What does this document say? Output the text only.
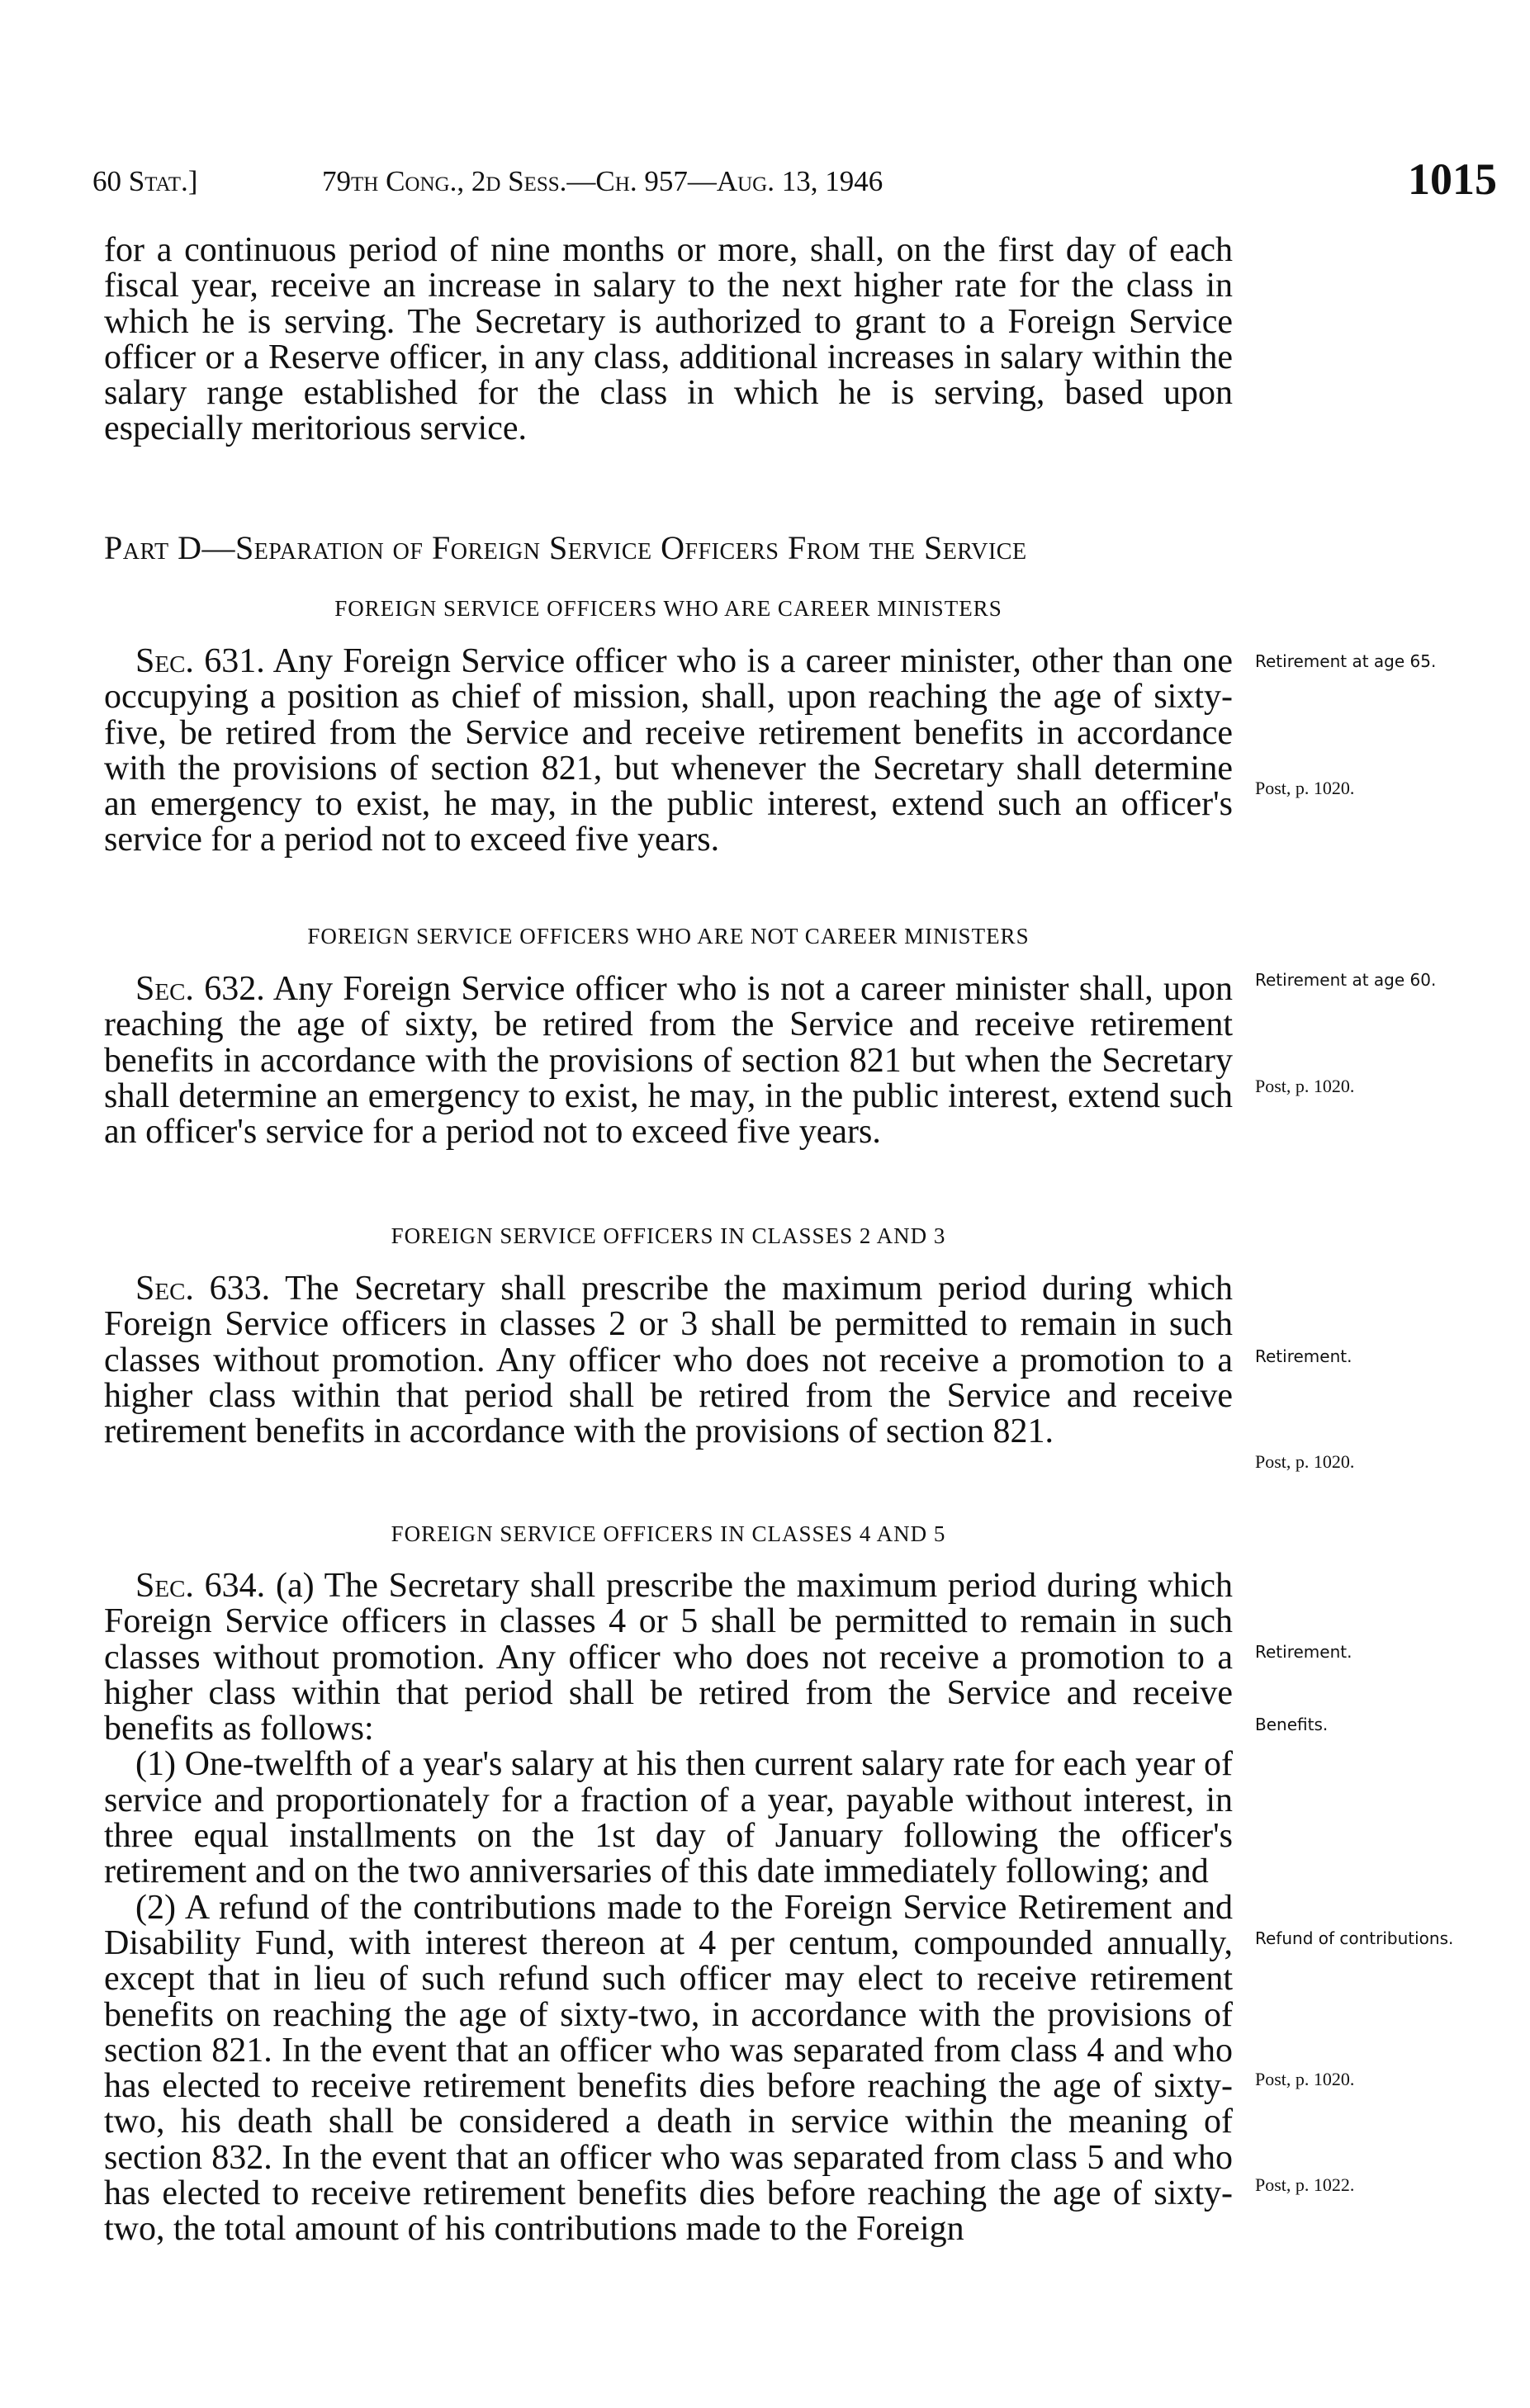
60 Stat.]	79th Cong., 2d Sess.—Ch. 957—Aug. 13, 1946	1015

for a continuous period of nine months or more, shall, on the first day of each fiscal year, receive an increase in salary to the next higher rate for the class in which he is serving. The Secretary is authorized to grant to a Foreign Service officer or a Reserve officer, in any class, additional increases in salary within the salary range established for the class in which he is serving, based upon especially meritorious service.

Part D—Separation of Foreign Service Officers From the Service
FOREIGN SERVICE OFFICERS WHO ARE CAREER MINISTERS

Sec. 631. Any Foreign Service officer who is a career minister, other than one occupying a position as chief of mission, shall, upon reaching the age of sixty-five, be retired from the Service and receive retirement benefits in accordance with the provisions of section 821, but whenever the Secretary shall determine an emergency to exist, he may, in the public interest, extend such an officer's service for a period not to exceed five years.

FOREIGN SERVICE OFFICERS WHO ARE NOT CAREER MINISTERS

Sec. 632. Any Foreign Service officer who is not a career minister shall, upon reaching the age of sixty, be retired from the Service and receive retirement benefits in accordance with the provisions of section 821 but when the Secretary shall determine an emergency to exist, he may, in the public interest, extend such an officer's service for a period not to exceed five years.

FOREIGN SERVICE OFFICERS IN CLASSES 2 AND 3

Sec. 633. The Secretary shall prescribe the maximum period during which Foreign Service officers in classes 2 or 3 shall be permitted to remain in such classes without promotion. Any officer who does not receive a promotion to a higher class within that period shall be retired from the Service and receive retirement benefits in accordance with the provisions of section 821.

FOREIGN SERVICE OFFICERS IN CLASSES 4 AND 5

Sec. 634. (a) The Secretary shall prescribe the maximum period during which Foreign Service officers in classes 4 or 5 shall be permitted to remain in such classes without promotion. Any officer who does not receive a promotion to a higher class within that period shall be retired from the Service and receive benefits as follows:

(1) One-twelfth of a year's salary at his then current salary rate for each year of service and proportionately for a fraction of a year, payable without interest, in three equal installments on the 1st day of January following the officer's retirement and on the two anniversaries of this date immediately following; and

(2) A refund of the contributions made to the Foreign Service Retirement and Disability Fund, with interest thereon at 4 per centum, compounded annually, except that in lieu of such refund such officer may elect to receive retirement benefits on reaching the age of sixty-two, in accordance with the provisions of section 821. In the event that an officer who was separated from class 4 and who has elected to receive retirement benefits dies before reaching the age of sixty-two, his death shall be considered a death in service within the meaning of section 832. In the event that an officer who was separated from class 5 and who has elected to receive retirement benefits dies before reaching the age of sixty-two, the total amount of his contributions made to the Foreign

Retirement at age 65.
Post, p. 1020.
Retirement at age 60.
Post, p. 1020.
Retirement.
Post, p. 1020.
Retirement.
Benefits.
Refund of contributions.
Post, p. 1020.
Post, p. 1022.
